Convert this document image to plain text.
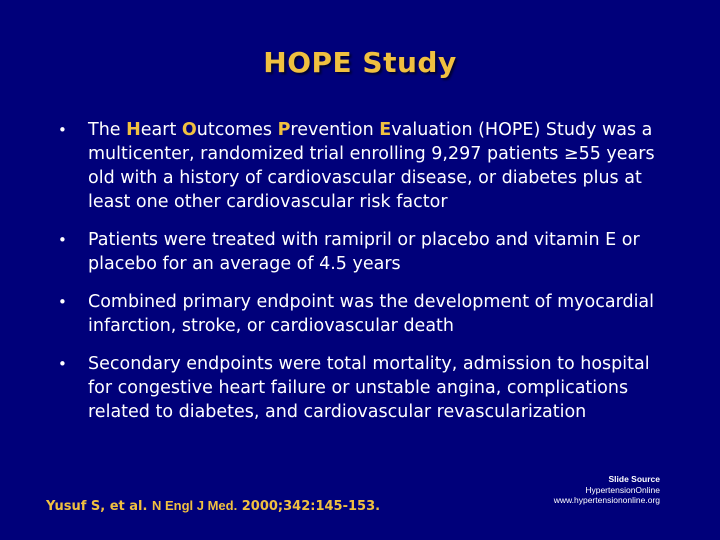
HOPE Study
•	The Heart Outcomes Prevention Evaluation (HOPE) Study was a multicenter, randomized trial enrolling 9,297 patients ≥55 years old with a history of cardiovascular disease, or diabetes plus at least one other cardiovascular risk factor
•	Patients were treated with ramipril or placebo and vitamin E or placebo for an average of 4.5 years
•	Combined primary endpoint was the development of myocardial infarction, stroke, or cardiovascular death
•	Secondary endpoints were total mortality, admission to hospital for congestive heart failure or unstable angina, complications related to diabetes, and cardiovascular revascularization
Yusuf S, et al. N Engl J Med. 2000;342:145-153.
Slide Source
HypertensionOnline
www.hypertensiononline.org
